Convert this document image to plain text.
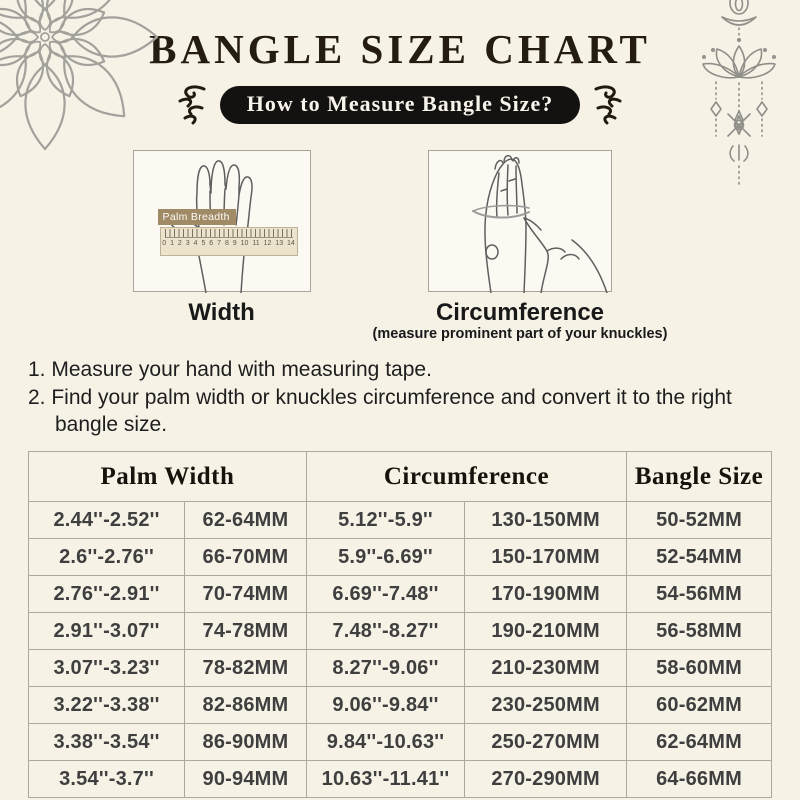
BANGLE SIZE CHART
How to Measure Bangle Size?
0 1 2 3 4 5 6 7 8 9 10 11 12 13 14
Palm Breadth
Width	Circumference
(measure prominent part of your knuckles)

1. Measure your hand with measuring tape.

2. Find your palm width or knuckles circumference and convert it to the right bangle size.

Palm Width		Circumference		Bangle Size
2.44''-2.52''	62-64MM	5.12''-5.9''	130-150MM	50-52MM
2.6''-2.76''	66-70MM	5.9''-6.69''	150-170MM	52-54MM
2.76''-2.91''	70-74MM	6.69''-7.48''	170-190MM	54-56MM
2.91''-3.07''	74-78MM	7.48''-8.27''	190-210MM	56-58MM
3.07''-3.23''	78-82MM	8.27''-9.06''	210-230MM	58-60MM
3.22''-3.38''	82-86MM	9.06''-9.84''	230-250MM	60-62MM
3.38''-3.54''	86-90MM	9.84''-10.63''	250-270MM	62-64MM
3.54''-3.7''	90-94MM	10.63''-11.41''	270-290MM	64-66MM
